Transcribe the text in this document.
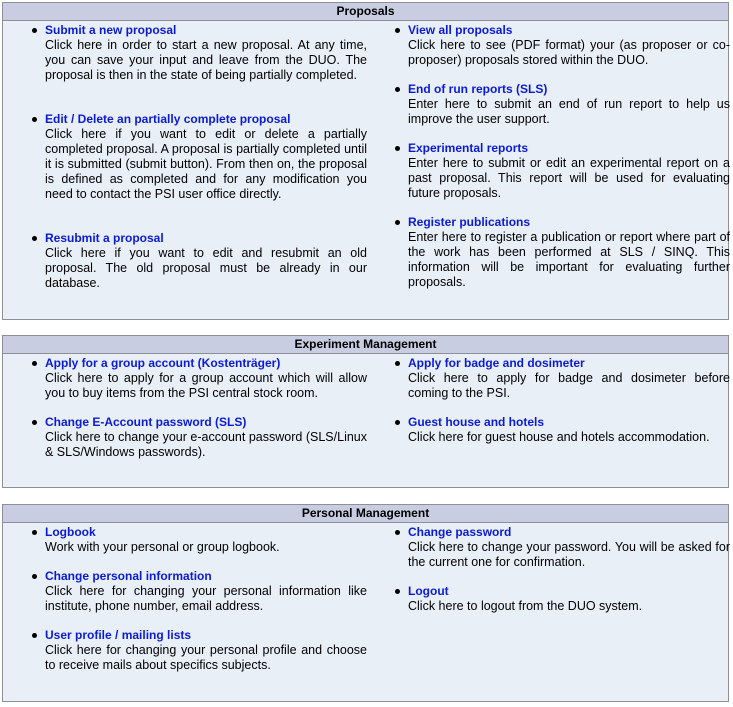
Proposals
Submit a new proposal
Click here in order to start a new proposal. At any time, you can save your input and leave from the DUO. The proposal is then in the state of being partially completed.
Edit / Delete an partially complete proposal
Click here if you want to edit or delete a partially completed proposal. A proposal is partially completed until it is submitted (submit button). From then on, the proposal is defined as completed and for any modification you need to contact the PSI user office directly.
Resubmit a proposal
Click here if you want to edit and resubmit an old proposal. The old proposal must be already in our database.
View all proposals
Click here to see (PDF format) your (as proposer or co-proposer) proposals stored within the DUO.
End of run reports (SLS)
Enter here to submit an end of run report to help us improve the user support.
Experimental reports
Enter here to submit or edit an experimental report on a past proposal. This report will be used for evaluating future proposals.
Register publications
Enter here to register a publication or report where part of the work has been performed at SLS / SINQ. This information will be important for evaluating further proposals.
Experiment Management
Apply for a group account (Kostenträger)
Click here to apply for a group account which will allow you to buy items from the PSI central stock room.
Change E-Account password (SLS)
Click here to change your e-account password (SLS/Linux & SLS/Windows passwords).
Apply for badge and dosimeter
Click here to apply for badge and dosimeter before coming to the PSI.
Guest house and hotels
Click here for guest house and hotels accommodation.
Personal Management
Logbook
Work with your personal or group logbook.
Change personal information
Click here for changing your personal information like institute, phone number, email address.
User profile / mailing lists
Click here for changing your personal profile and choose to receive mails about specifics subjects.
Change password
Click here to change your password. You will be asked for the current one for confirmation.
Logout
Click here to logout from the DUO system.
